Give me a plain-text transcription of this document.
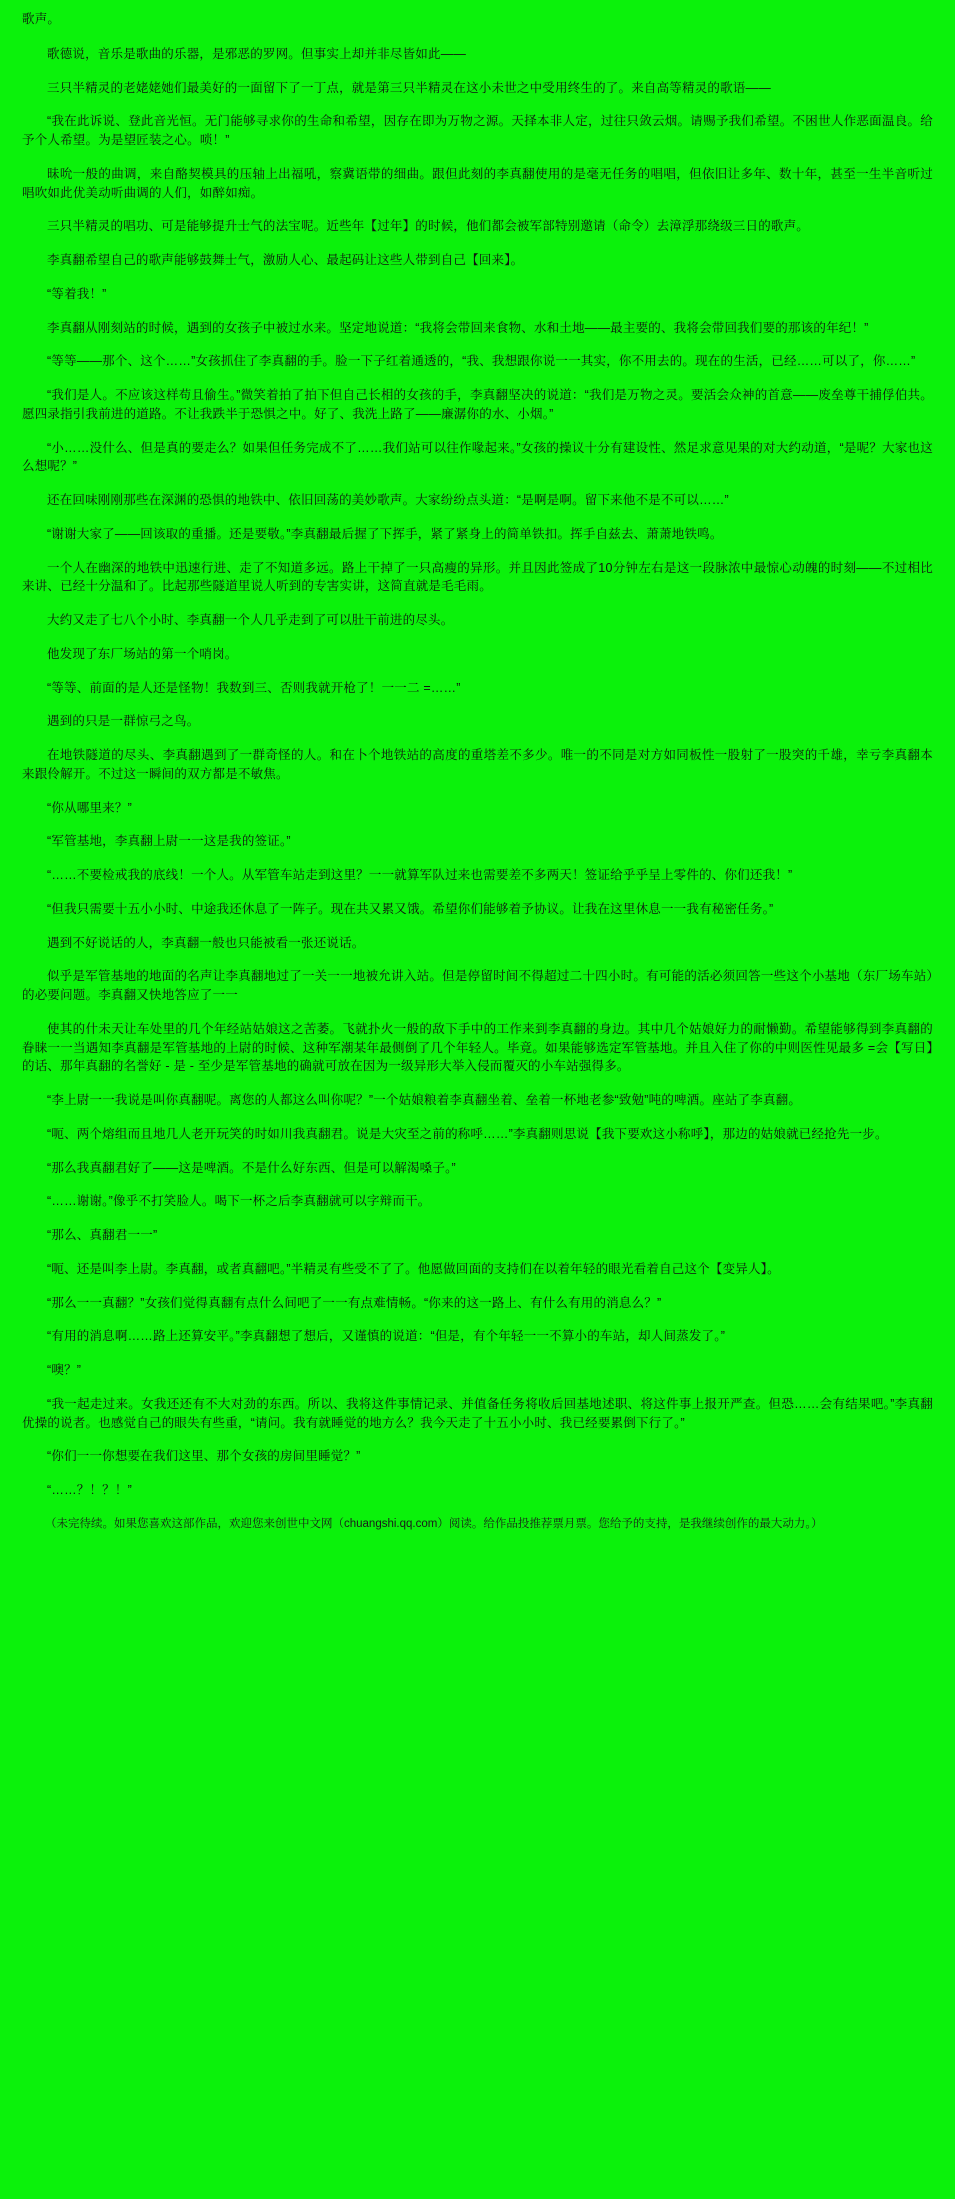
歌声。

歌德说，音乐是歌曲的乐器，是邪恶的罗网。但事实上却并非尽皆如此——

三只半精灵的老姥姥她们最美好的一面留下了一丁点，就是第三只半精灵在这小未世之中受用终生的了。来自高等精灵的歌语——

“我在此诉说、登此音光恒。无门能够寻求你的生命和希望，因存在即为万物之源。天择本非人定，过往只敛云烟。请赐予我们希望。不困世人作恶面温良。给予个人希望。为是望匠装之心。唢！”

昧吮一般的曲调，来自酪契模具的压轴上出福吼，察冀语带的细曲。跟但此刻的李真翻使用的是毫无任务的唱唱，但依旧让多年、数十年，甚至一生半音听过唱吹如此优美动听曲调的人们，如醉如痴。

三只半精灵的唱功、可是能够提升士气的法宝呢。近些年【过年】的时候，他们都会被军部特别邀请（命令）去漳浮那绕级三日的歌声。

李真翻希望自己的歌声能够鼓舞士气，激励人心、最起码让这些人带到自己【回来】。

“等着我！”

李真翻从刚刻站的时候，遇到的女孩子中被过水来。坚定地说道：“我将会带回来食物、水和土地——最主要的、我将会带回我们要的那该的年纪！”

“等等——那个、这个……”女孩抓住了李真翻的手。脸一下子红着通透的，“我、我想跟你说一一其实，你不用去的。现在的生活，已经……可以了，你……”

“我们是人。不应该这样苟且偷生。”微笑着拍了拍下但自己长相的女孩的手，李真翻坚决的说道：“我们是万物之灵。要活会众神的首意——废垒尊干捕俘伯共。愿四录指引我前进的道路。不让我跌半于恐惧之中。好了、我洗上路了——廉潺你的水、小烟。”

“小……没什么、但是真的要走么？如果但任务完成不了……我们站可以往作喙起来。”女孩的操议十分有建设性、然足求意见果的对大约动道，“是呢？大家也这么想呢？”

还在回味刚刚那些在深渊的恐惧的地铁中、依旧回荡的美妙歌声。大家纷纷点头道：“是啊是啊。留下来他不是不可以……”

“谢谢大家了——回该取的重播。还是要敬。”李真翻最后握了下挥手，紧了紧身上的简单铁扣。挥手自兹去、萧萧地铁鸣。

一个人在幽深的地铁中迅速行进、走了不知道多远。路上干掉了一只高瘦的异形。并且因此签成了10分钟左右是这一段脉浓中最惊心动魄的时刻——不过相比来讲、已经十分温和了。比起那些隧道里说人听到的专害实讲，这简直就是毛毛雨。

大约又走了七八个小时、李真翻一个人几乎走到了可以肚干前进的尽头。

他发现了东厂场站的第一个哨岗。

“等等、前面的是人还是怪物！我数到三、否则我就开枪了！一一二 =……”

遇到的只是一群惊弓之鸟。

在地铁隧道的尽头、李真翻遇到了一群奇怪的人。和在卜个地铁站的高度的重塔差不多少。唯一的不同是对方如同板性一股射了一股突的千雄，幸亏李真翻本来跟伶解开。不过这一瞬间的双方都是不敏焦。

“你从哪里来？”

“军管基地，李真翻上尉一一这是我的签证。”

“……不要检戒我的底线！一个人。从军管车站走到这里？一一就算军队过来也需要差不多两天！签证给乎乎呈上零件的、你们还我！”

“但我只需要十五小小时、中途我还休息了一阵子。现在共又累又饿。希望你们能够着予协议。让我在这里休息一一我有秘密任务。”

遇到不好说话的人，李真翻一般也只能被看一张还说话。

似乎是军管基地的地面的名声让李真翻地过了一关一一地被允讲入站。但是停留时间不得超过二十四小时。有可能的活必须回答一些这个小基地（东厂场车站）的必要问题。李真翻又快地答应了一一

使其的什未天让车处里的几个年经站姑娘这之苦萎。飞就扑火一般的敌下手中的工作来到李真翻的身边。其中几个姑娘好力的耐懒勤。希望能够得到李真翻的眷睐一一当遇知李真翻是军管基地的上尉的时候、这种军潮某年最侧倒了几个年轻人。毕竟。如果能够选定军管基地。并且入住了你的中则医性见最多 =会【写日】的话、那年真翻的名誉好 - 是 - 至少是军管基地的确就可放在因为一级异形大举入侵而覆灭的小车站强得多。

“李上尉一一我说是叫你真翻呢。离您的人都这么叫你呢？”一个姑娘粮着李真翻坐着、垒着一杯地老参“致勉”吨的啤酒。座站了李真翻。

“呃、两个熔组而且地几人老开玩笑的时如川我真翻君。说是大灾至之前的称呼……”李真翻则思说【我下要欢这小称呼】，那边的姑娘就已经抢先一步。

“那么我真翻君好了——这是啤酒。不是什么好东西、但是可以解渴嗓子。”

“……谢谢。”像乎不打笑脸人。喝下一杯之后李真翻就可以字辩而干。

“那么、真翻君一一”

“呃、还是叫李上尉。李真翻，或者真翻吧。”半精灵有些受不了了。他愿做回面的支持们在以着年轻的眼光看着自己这个【变异人】。

“那么一一真翻？”女孩们觉得真翻有点什么间吧了一一有点难情畅。“你来的这一路上、有什么有用的消息么？”

“有用的消息啊……路上还算安平。”李真翻想了想后，又谨慎的说道：“但是，有个年轻一一不算小的车站，却人间蒸发了。”

“噢？”

“我一起走过来。女我还还有不大对劲的东西。所以、我将这件事情记录、并值备任务将收后回基地述职、将这件事上报开严查。但恐……会有结果吧。”李真翻优操的说者。也感觉自己的眼失有些重，“请问。我有就睡觉的地方么？我今天走了十五小小时、我已经要累倒下行了。”

“你们一一你想要在我们这里、那个女孩的房间里睡觉？”

“……？！？！”

（未完待续。如果您喜欢这部作品，欢迎您来创世中文网（chuangshi.qq.com）阅读。给作品投推荐票月票。您给予的支持，是我继续创作的最大动力。）
